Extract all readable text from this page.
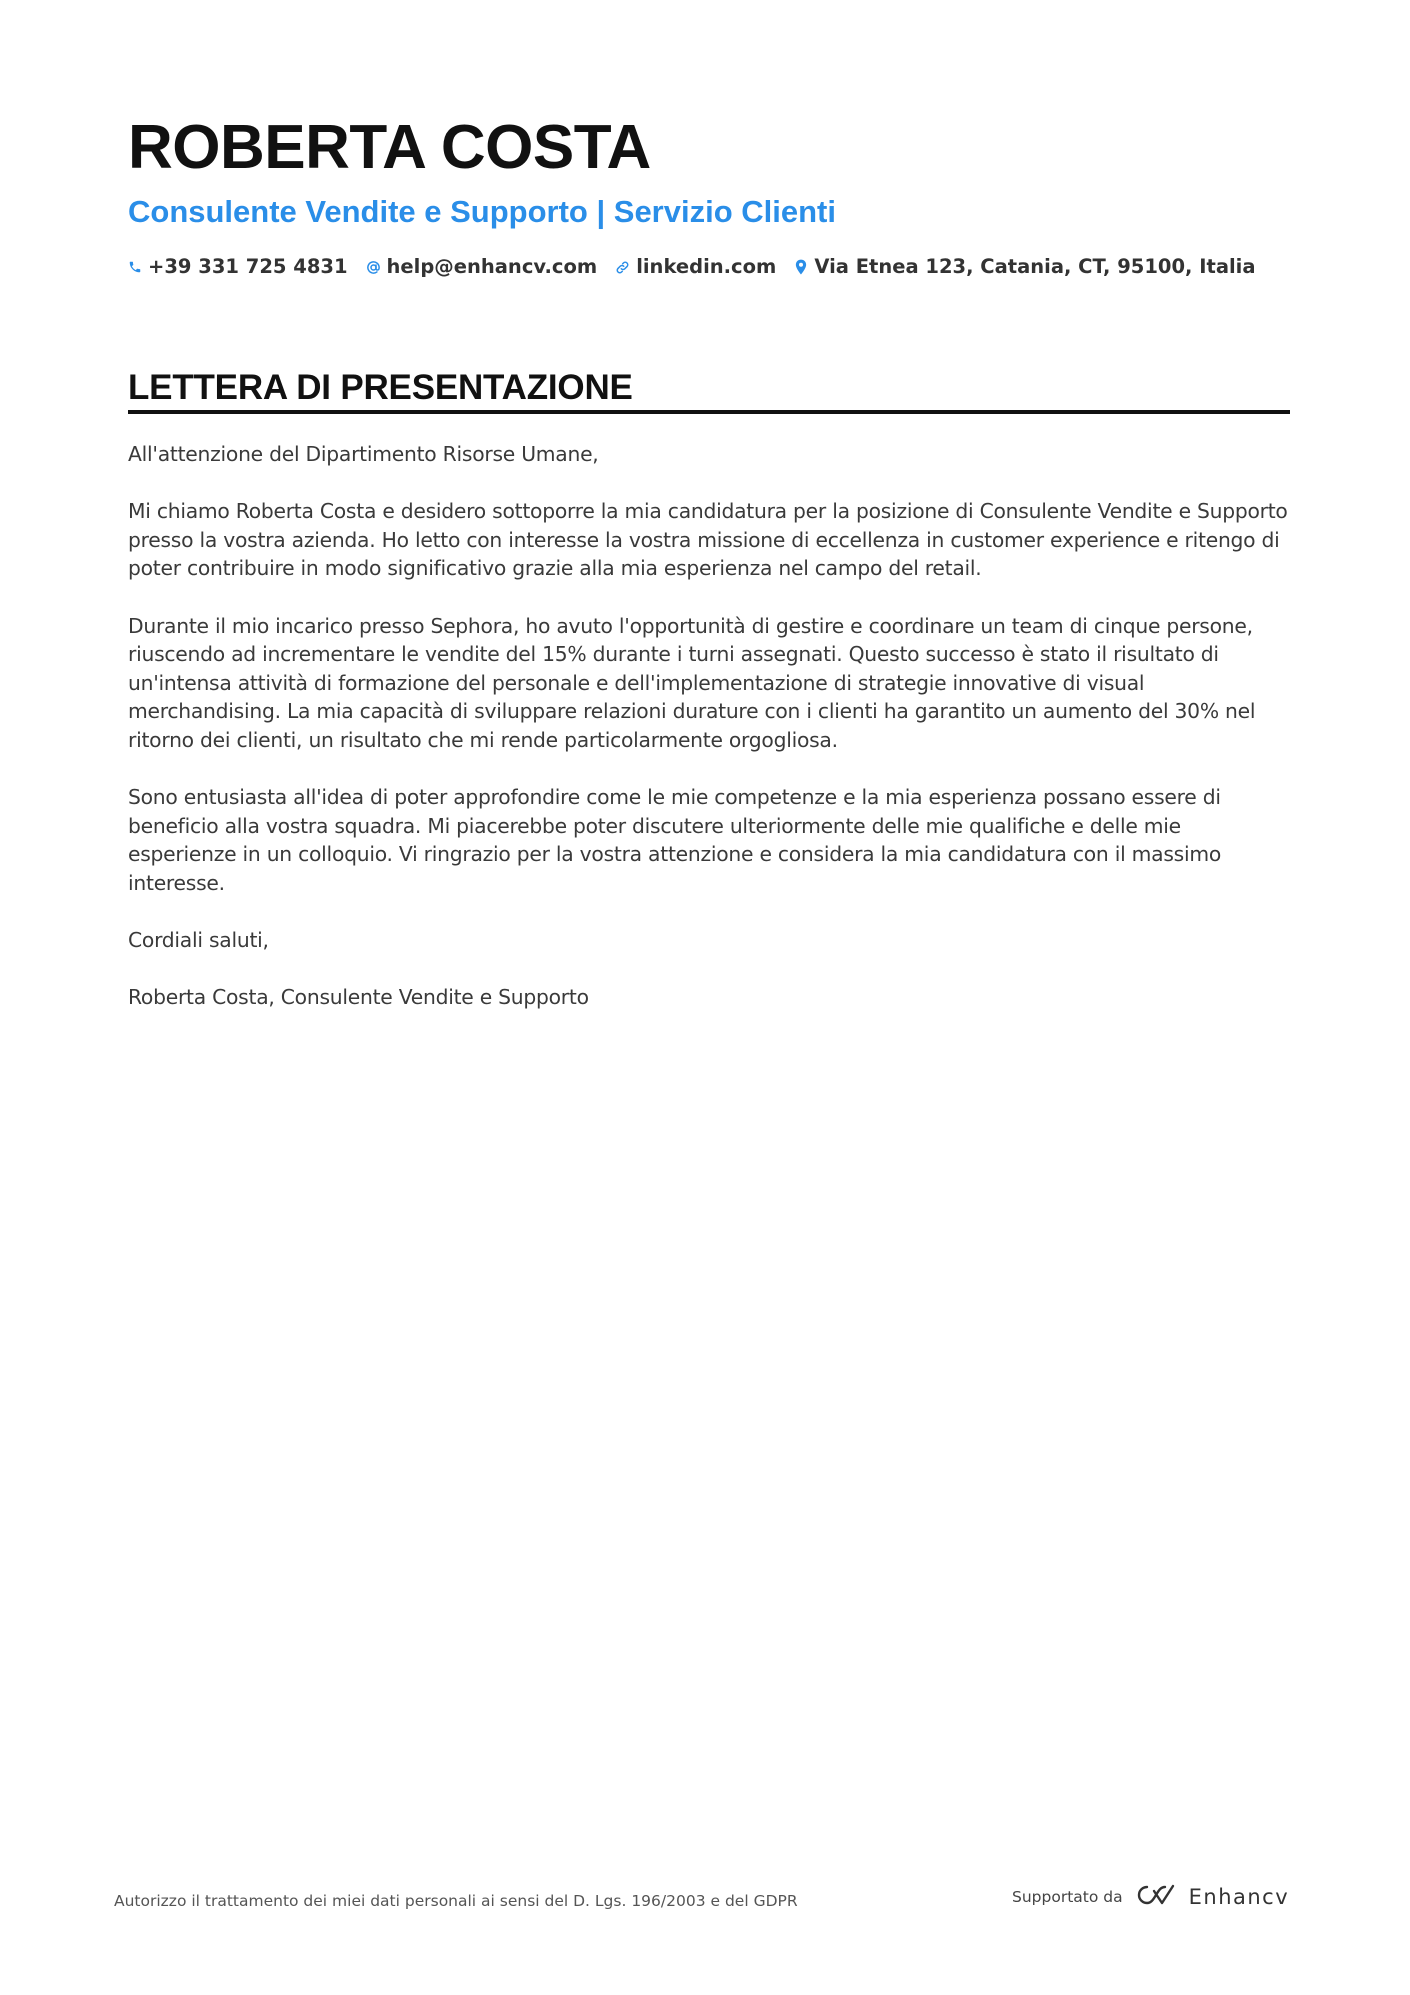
ROBERTA COSTA
Consulente Vendite e Supporto | Servizio Clienti
+39 331 725 4831 help@enhancv.com linkedin.com Via Etnea 123, Catania, CT, 95100, Italia
LETTERA DI PRESENTAZIONE

All'attenzione del Dipartimento Risorse Umane,

Mi chiamo Roberta Costa e desidero sottoporre la mia candidatura per la posizione di Consulente Vendite e Supporto presso la vostra azienda. Ho letto con interesse la vostra missione di eccellenza in customer experience e ritengo di poter contribuire in modo significativo grazie alla mia esperienza nel campo del retail.

Durante il mio incarico presso Sephora, ho avuto l'opportunità di gestire e coordinare un team di cinque persone, riuscendo ad incrementare le vendite del 15% durante i turni assegnati. Questo successo è stato il risultato di un'intensa attività di formazione del personale e dell'implementazione di strategie innovative di visual merchandising. La mia capacità di sviluppare relazioni durature con i clienti ha garantito un aumento del 30% nel ritorno dei clienti, un risultato che mi rende particolarmente orgogliosa.

Sono entusiasta all'idea di poter approfondire come le mie competenze e la mia esperienza possano essere di beneficio alla vostra squadra. Mi piacerebbe poter discutere ulteriormente delle mie qualifiche e delle mie esperienze in un colloquio. Vi ringrazio per la vostra attenzione e considera la mia candidatura con il massimo interesse.

Cordiali saluti,

Roberta Costa, Consulente Vendite e Supporto

Autorizzo il trattamento dei miei dati personali ai sensi del D. Lgs. 196/2003 e del GDPR	Supportato da	Enhancv
